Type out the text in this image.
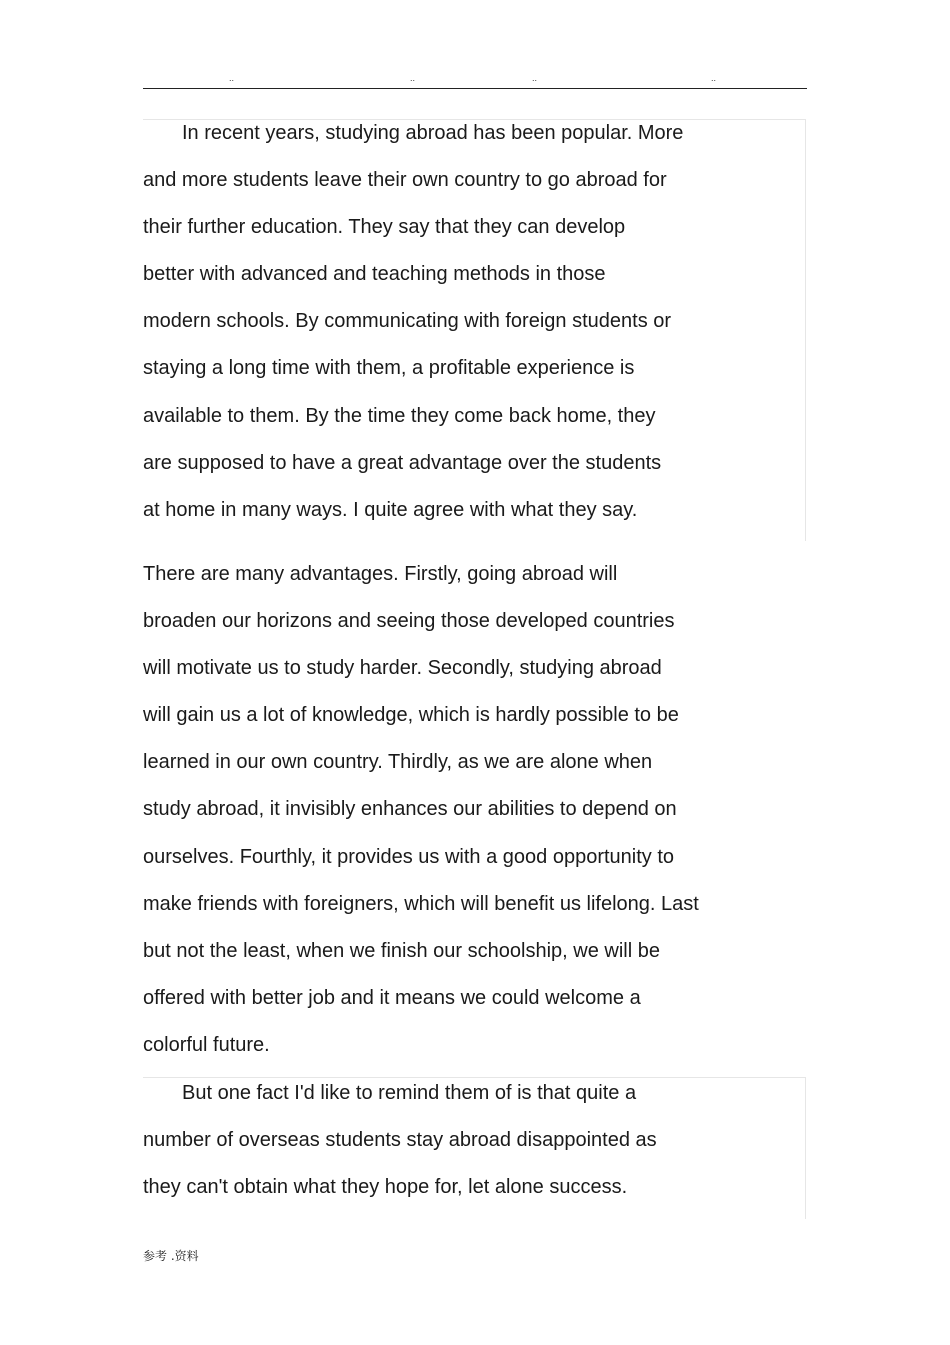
..	..	..	..
In recent years, studying abroad has been popular. More
and more students leave their own country to go abroad for
their further education. They say that they can develop
better with advanced and teaching methods in those
modern schools. By communicating with foreign students or
staying a long time with them, a profitable experience is
available to them. By the time they come back home, they
are supposed to have a great advantage over the students
at home in many ways. I quite agree with what they say.
There are many advantages. Firstly, going abroad will
broaden our horizons and seeing those developed countries
will motivate us to study harder. Secondly, studying abroad
will gain us a lot of knowledge, which is hardly possible to be
learned in our own country. Thirdly, as we are alone when
study abroad, it invisibly enhances our abilities to depend on
ourselves. Fourthly, it provides us with a good opportunity to
make friends with foreigners, which will benefit us lifelong. Last
but not the least, when we finish our schoolship, we will be
offered with better job and it means we could welcome a
colorful future.
But one fact I'd like to remind them of is that quite a
number of overseas students stay abroad disappointed as
they can't obtain what they hope for, let alone success.
参考 .资料
